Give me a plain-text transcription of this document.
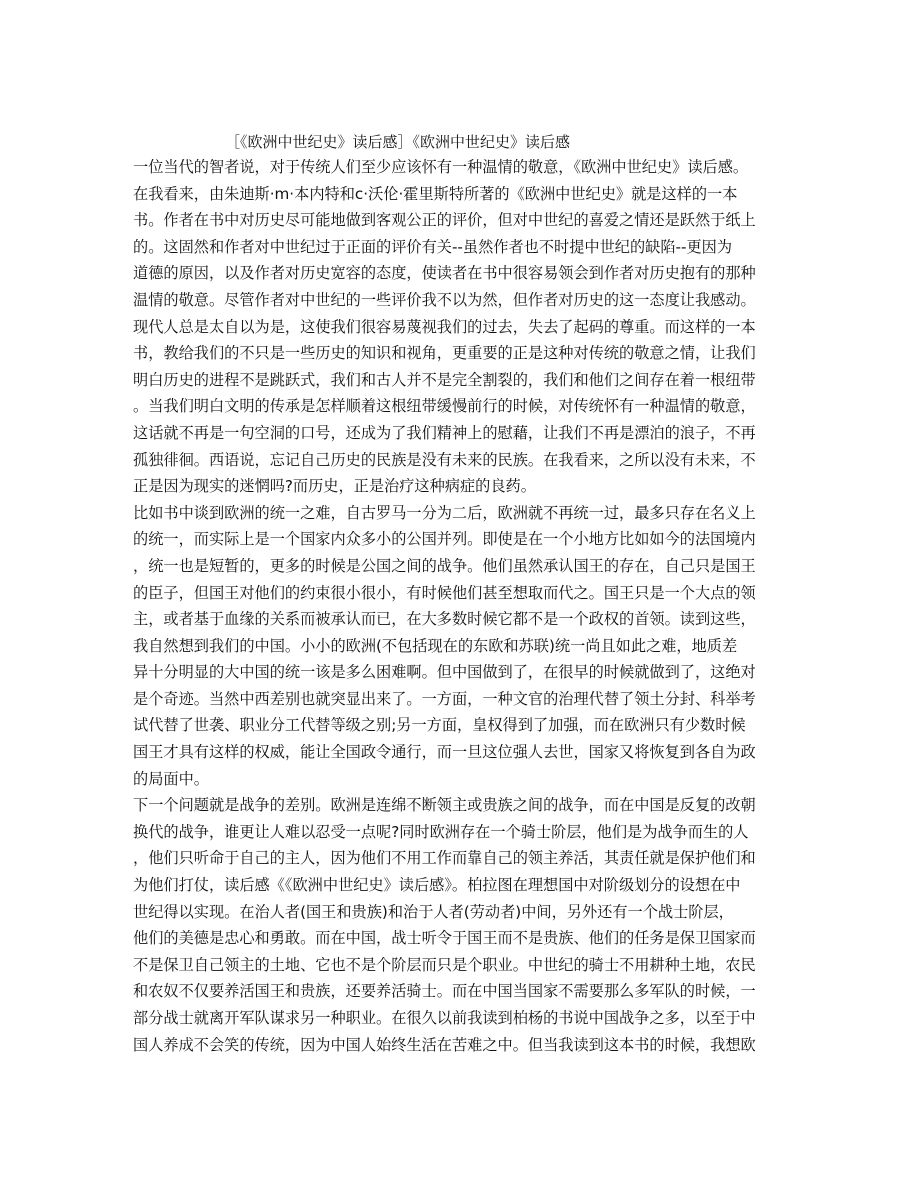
［《欧洲中世纪史》读后感］《欧洲中世纪史》读后感
一位当代的智者说，对于传统人们至少应该怀有一种温情的敬意，《欧洲中世纪史》读后感。
在我看来，由朱迪斯·m·本内特和c·沃伦·霍里斯特所著的《欧洲中世纪史》就是这样的一本
书。作者在书中对历史尽可能地做到客观公正的评价，但对中世纪的喜爱之情还是跃然于纸上
的。这固然和作者对中世纪过于正面的评价有关--虽然作者也不时提中世纪的缺陷--更因为
道德的原因，以及作者对历史宽容的态度，使读者在书中很容易领会到作者对历史抱有的那种
温情的敬意。尽管作者对中世纪的一些评价我不以为然，但作者对历史的这一态度让我感动。
现代人总是太自以为是，这使我们很容易蔑视我们的过去，失去了起码的尊重。而这样的一本
书，教给我们的不只是一些历史的知识和视角，更重要的正是这种对传统的敬意之情，让我们
明白历史的进程不是跳跃式，我们和古人并不是完全割裂的，我们和他们之间存在着一根纽带
。当我们明白文明的传承是怎样顺着这根纽带缓慢前行的时候，对传统怀有一种温情的敬意，
这话就不再是一句空洞的口号，还成为了我们精神上的慰藉，让我们不再是漂泊的浪子，不再
孤独徘徊。西语说，忘记自己历史的民族是没有未来的民族。在我看来，之所以没有未来，不
正是因为现实的迷惘吗?而历史，正是治疗这种病症的良药。
比如书中谈到欧洲的统一之难，自古罗马一分为二后，欧洲就不再统一过，最多只存在名义上
的统一，而实际上是一个国家内众多小的公国并列。即使是在一个小地方比如如今的法国境内
，统一也是短暂的，更多的时候是公国之间的战争。他们虽然承认国王的存在，自己只是国王
的臣子，但国王对他们的约束很小很小，有时候他们甚至想取而代之。国王只是一个大点的领
主，或者基于血缘的关系而被承认而已，在大多数时候它都不是一个政权的首领。读到这些，
我自然想到我们的中国。小小的欧洲(不包括现在的东欧和苏联)统一尚且如此之难，地质差
异十分明显的大中国的统一该是多么困难啊。但中国做到了，在很早的时候就做到了，这绝对
是个奇迹。当然中西差别也就突显出来了。一方面，一种文官的治理代替了领土分封、科举考
试代替了世袭、职业分工代替等级之别;另一方面，皇权得到了加强，而在欧洲只有少数时候
国王才具有这样的权威，能让全国政令通行，而一旦这位强人去世，国家又将恢复到各自为政
的局面中。
下一个问题就是战争的差别。欧洲是连绵不断领主或贵族之间的战争，而在中国是反复的改朝
换代的战争，谁更让人难以忍受一点呢?同时欧洲存在一个骑士阶层，他们是为战争而生的人
，他们只听命于自己的主人，因为他们不用工作而靠自己的领主养活，其责任就是保护他们和
为他们打仗，读后感《《欧洲中世纪史》读后感》。柏拉图在理想国中对阶级划分的设想在中
世纪得以实现。在治人者(国王和贵族)和治于人者(劳动者)中间，另外还有一个战士阶层，
他们的美德是忠心和勇敢。而在中国，战士听令于国王而不是贵族、他们的任务是保卫国家而
不是保卫自己领主的土地、它也不是个阶层而只是个职业。中世纪的骑士不用耕种土地，农民
和农奴不仅要养活国王和贵族，还要养活骑士。而在中国当国家不需要那么多军队的时候，一
部分战士就离开军队谋求另一种职业。在很久以前我读到柏杨的书说中国战争之多，以至于中
国人养成不会笑的传统，因为中国人始终生活在苦难之中。但当我读到这本书的时候，我想欧
